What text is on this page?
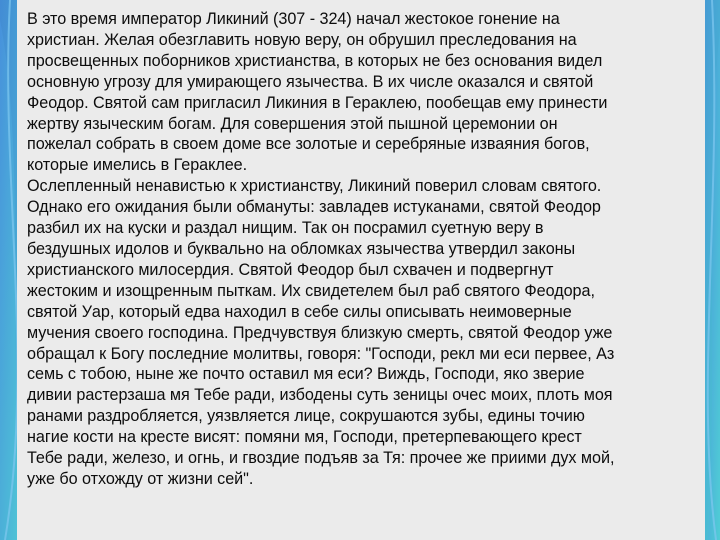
В это время император Ликиний (307 - 324) начал жестокое гонение на
христиан. Желая обезглавить новую веру, он обрушил преследования на
просвещенных поборников христианства, в которых не без основания видел
основную угрозу для умирающего язычества. В их числе оказался и святой
Феодор. Святой сам пригласил Ликиния в Гераклею, пообещав ему принести
жертву языческим богам. Для совершения этой пышной церемонии он
пожелал собрать в своем доме все золотые и серебряные изваяния богов,
которые имелись в Гераклее.

Ослепленный ненавистью к христианству, Ликиний поверил словам святого.
Однако его ожидания были обмануты: завладев истуканами, святой Феодор
разбил их на куски и раздал нищим. Так он посрамил суетную веру в
бездушных идолов и буквально на обломках язычества утвердил законы
христианского милосердия. Святой Феодор был схвачен и подвергнут
жестоким и изощренным пыткам. Их свидетелем был раб святого Феодора,
святой Уар, который едва находил в себе силы описывать неимоверные
мучения своего господина. Предчувствуя близкую смерть, святой Феодор уже
обращал к Богу последние молитвы, говоря: "Господи, рекл ми еси первее, Аз
семь с тобою, ныне же почто оставил мя еси? Виждь, Господи, яко зверие
дивии растерзаша мя Тебе ради, избодены суть зеницы очес моих, плоть моя
ранами раздробляется, уязвляется лице, сокрушаются зубы, едины точию
нагие кости на кресте висят: помяни мя, Господи, претерпевающего крест
Тебе ради, железо, и огнь, и гвоздие подъяв за Тя: прочее же приими дух мой,
уже бо отхожду от жизни сей".
